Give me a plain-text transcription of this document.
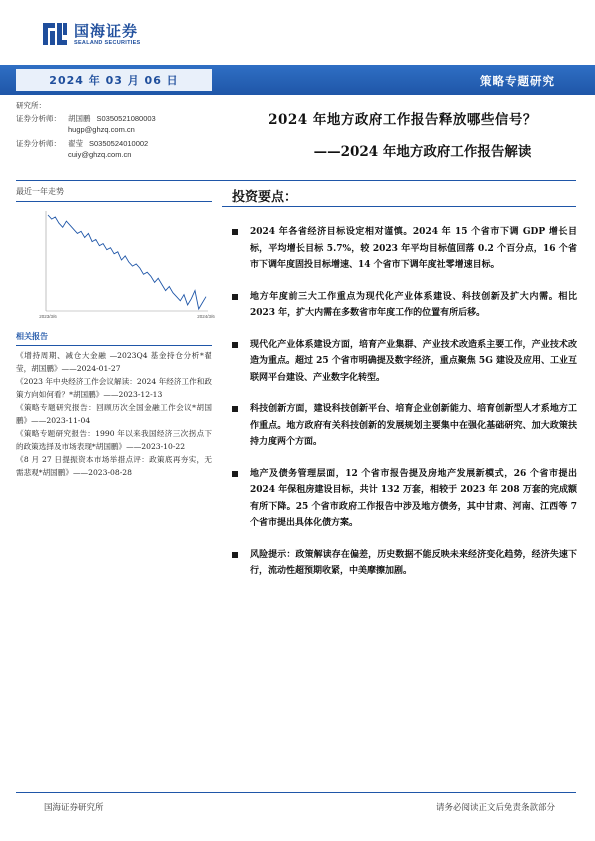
国海证券
SEALAND SECURITIES
2024 年 03 月 06 日	策略专题研究
研究所：
证券分析师： 胡国鹏 S0350521080003
hugp@ghzq.com.cn
证券分析师： 翟莹 S0350524010002
cuiy@ghzq.com.cn
最近一年走势
2023/3/6	2024/3/6
相关报告
《增持周期、减仓大金融 —2023Q4 基金持仓分析*翟莹，胡国鹏》——2024-01-27
《2023 年中央经济工作会议解读：2024 年经济工作和政策方向如何看？*胡国鹏》——2023-12-13
《策略专题研究报告：回顾历次全国金融工作会议*胡国鹏》——2023-11-04
《策略专题研究报告：1990 年以来我国经济三次拐点下的政策选择及市场表现*胡国鹏》——2023-10-22
《8 月 27 日提振资本市场举措点评：政策底再夯实，无需悲观*胡国鹏》——2023-08-28
2024 年地方政府工作报告释放哪些信号？
——2024 年地方政府工作报告解读
投资要点：
2024 年各省经济目标设定相对谨慎。2024 年 15 个省市下调 GDP 增长目标，平均增长目标 5.7%，较 2023 年平均目标值回落 0.2 个百分点，16 个省市下调年度固投目标增速、14 个省市下调年度社零增速目标。
地方年度前三大工作重点为现代化产业体系建设、科技创新及扩大内需。相比 2023 年，扩大内需在多数省市年度工作的位置有所后移。
现代化产业体系建设方面，培育产业集群、产业技术改造系主要工作，产业技术改造为重点。超过 25 个省市明确提及数字经济，重点聚焦 5G 建设及应用、工业互联网平台建设、产业数字化转型。
科技创新方面，建设科技创新平台、培育企业创新能力、培育创新型人才系地方工作重点。地方政府有关科技创新的发展规划主要集中在强化基础研究、加大政策扶持力度两个方面。
地产及债务管理层面，12 个省市报告提及房地产发展新模式，26 个省市提出 2024 年保租房建设目标，共计 132 万套，相较于 2023 年 208 万套的完成额有所下降。25 个省市政府工作报告中涉及地方债务，其中甘肃、河南、江西等 7 个省市提出具体化债方案。
风险提示：政策解读存在偏差，历史数据不能反映未来经济变化趋势，经济失速下行，流动性超预期收紧，中美摩擦加剧。
国海证券研究所	请务必阅读正文后免责条款部分
